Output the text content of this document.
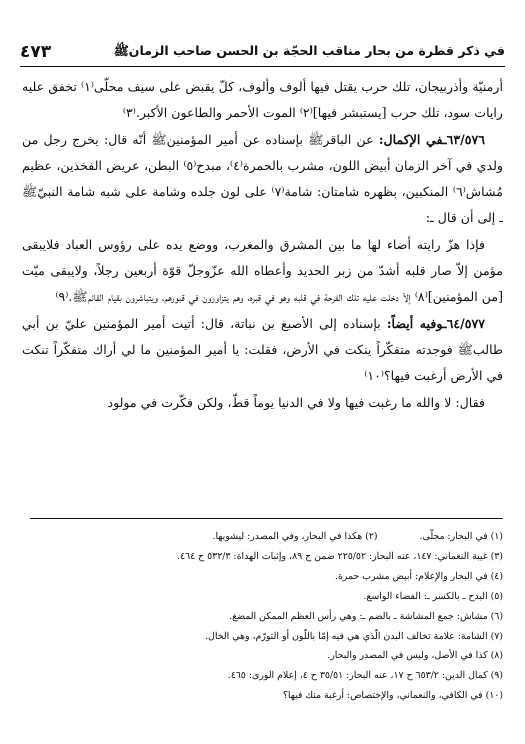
في ذكر قطرة من بحار مناقب الحجّة بن الحسن صاحب الزمان‌ﷺ
٤٧٣

أرمنيّة وأذربيجان، تلك حرب يقتل فيها ألوف وألوف، كلّ يقبض على سيف محلّى⁽١⁾ تخفق عليه رايات سود، تلك حرب [يستبشر فيها]⁽٢⁾ الموت الأحمر والطاعون الأكبر.⁽٣⁾

٦٣/٥٧٦ـفي الإكمال: عن الباقر‌ﷺ بإسناده عن أمير المؤمنين‌ﷺ أنّه قال: يخرج رجل من ولدي في آخر الزمان أبيض اللون، مشرب بالحمرة⁽٤⁾، مبدح⁽٥⁾ البطن، عريض الفخذين، عظيم مُشاش⁽٦⁾ المنكبين، بظهره شامتان: شامة⁽٧⁾ على لون جلده وشامة على شبه شامة النبيّ‌ﷺ ـ إلى أن قال ـ:

فإذا هزّ رايته أضاء لها ما بين المشرق والمغرب، ووضع يده على رؤوس العباد فلايبقى مؤمن إلاّ صار قلبه أشدّ من زبر الحديد وأعطاه الله عزّوجلّ قوّة أربعين رجلاً، ولايبقى ميّت [من المؤمنين]⁽٨⁾ إلاّ دخلت عليه تلك الفرحة في قلبه وهو في قبره، وهم يتزاورون في قبورهم، ويتباشرون بقيام القائم‌ﷺ.⁽٩⁾

٦٤/٥٧٧ـوفيه أيضاً: بإسناده إلى الأصبغ بن نباتة، قال: أتيت أمير المؤمنين عليّ بن أبي طالب‌ﷺ فوجدته متفكّراً ينكت في الأرض، فقلت: يا أمير المؤمنين ما لي أراك متفكّراً تنكت في الأرض أرغبت فيها؟⁽١٠⁾

فقال: لا والله ما رغبت فيها ولا في الدنيا يوماً قطّ، ولكن فكّرت في مولود

(١) في البحار: مجلّى.
(٢) هكذا في البحار، وفي المصدر: ليشوبها.
(٣) غيبة النعماني: ١٤٧، عنه البحار: ٢٢٥/٥٢ ضمن ح ٨٩، وإثبات الهداة: ٥٣٢/٣ ح ٤٦٤.
(٤) في البحار والإعلام: أبيض مشرب حمرة.
(٥) البدح ـ بالكسر ـ: الفضاء الواسع.
(٦) مشاش: جمع المشاشة ـ بالضم ـ: وهي رأس العظم الممكن المضغ.
(٧) الشامة: علامة تخالف البدن الّذي هي فيه إمّا باللّون أو التورّم، وهي الخال.
(٨) كذا في الأصل، وليس في المصدر والبحار.
(٩) كمال الدين: ٦٥٣/٢ ح ١٧، عنه البحار: ٣٥/٥١ ح ٤، إعلام الورى: ٤٦٥.
(١٠) في الكافي، والنعماني، والإختصاص: أرغبة منك فيها؟
